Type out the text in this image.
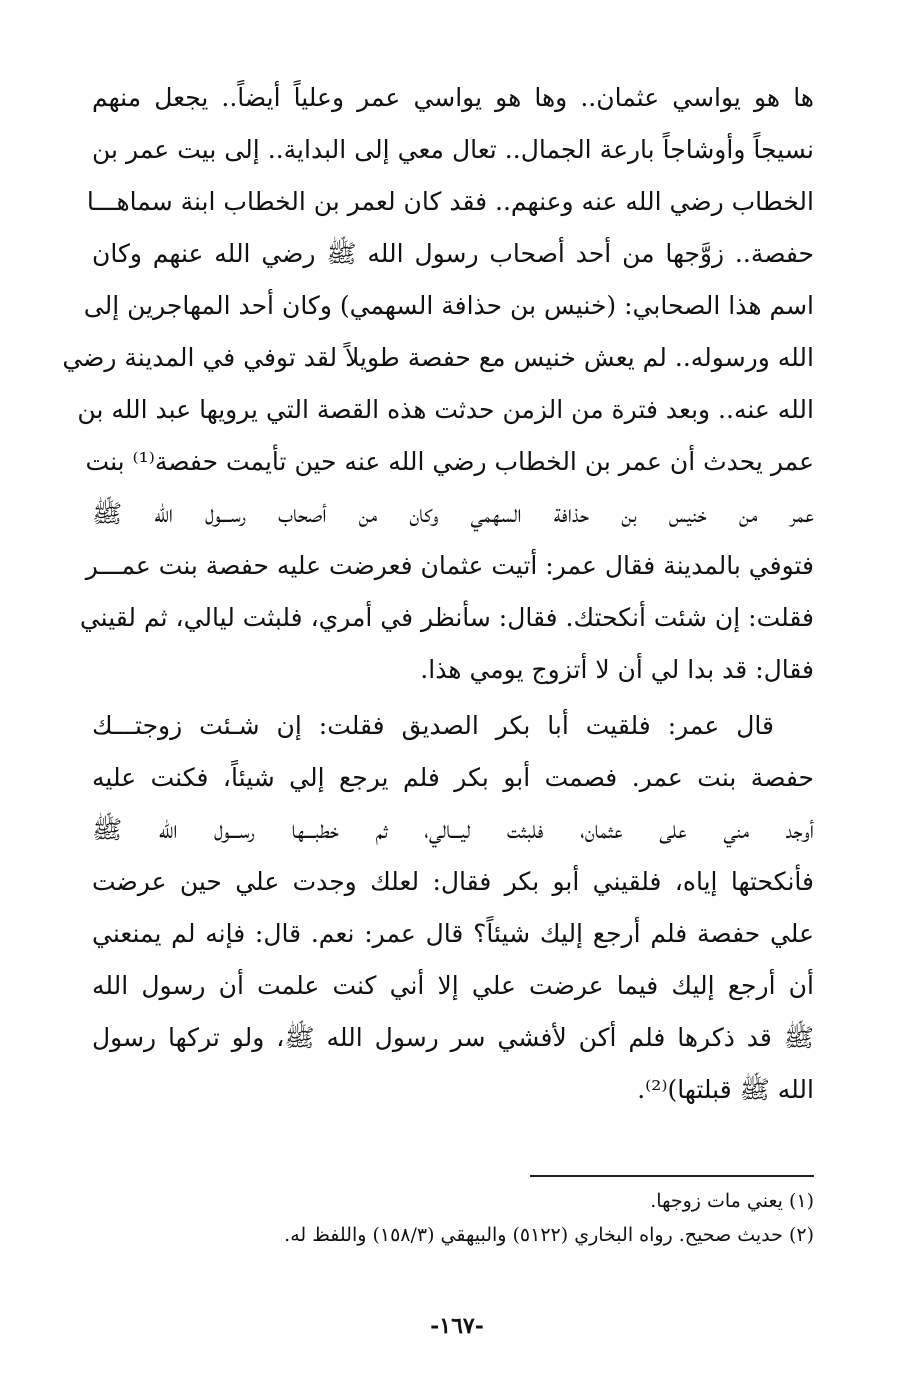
ها هو يواسي عثمان.. وها هو يواسي عمر وعلياً أيضاً.. يجعل منهم
نسيجاً وأوشاجاً بارعة الجمال.. تعال معي إلى البداية.. إلى بيت عمر بن
الخطاب رضي الله عنه وعنهم.. فقد كان لعمر بن الخطاب ابنة سماهـــا
حفصة.. زوَّجها من أحد أصحاب رسول الله ﷺ رضي الله عنهم وكان
اسم هذا الصحابي: (خنيس بن حذافة السهمي) وكان أحد المهاجرين إلى
الله ورسوله.. لم يعش خنيس مع حفصة طويلاً لقد توفي في المدينة رضي
الله عنه.. وبعد فترة من الزمن حدثت هذه القصة التي يرويها عبد الله بن
عمر يحدث أن عمر بن الخطاب رضي الله عنه حين تأيمت حفصة⁽¹⁾ بنت
عمر من خنيس بن حذافة السهمي وكان من أصحاب رســـول الله ﷺ
فتوفي بالمدينة فقال عمر: أتيت عثمان فعرضت عليه حفصة بنت عمـــر
فقلت: إن شئت أنكحتك. فقال: سأنظر في أمري، فلبثت ليالي، ثم لقيني
فقال: قد بدا لي أن لا أتزوج يومي هذا.
قال عمر: فلقيت أبا بكر الصديق فقلت: إن شـئت زوجتـــك
حفصة بنت عمر. فصمت أبو بكر فلم يرجع إلي شيئاً، فكنت عليه
أوجد مني على عثمان، فلبثت ليـــالي، ثم خطبـــها رســـول الله ﷺ
فأنكحتها إياه، فلقيني أبو بكر فقال: لعلك وجدت علي حين عرضت
علي حفصة فلم أرجع إليك شيئاً؟ قال عمر: نعم. قال: فإنه لم يمنعني
أن أرجع إليك فيما عرضت علي إلا أني كنت علمت أن رسول الله
ﷺ قد ذكرها فلم أكن لأفشي سر رسول الله ﷺ، ولو تركها رسول
الله ﷺ قبلتها)⁽²⁾.
(١) يعني مات زوجها.
(٢) حديث صحيح. رواه البخاري (٥١٢٢) والبيهقي (١٥٨/٣) واللفظ له.
-١٦٧-
